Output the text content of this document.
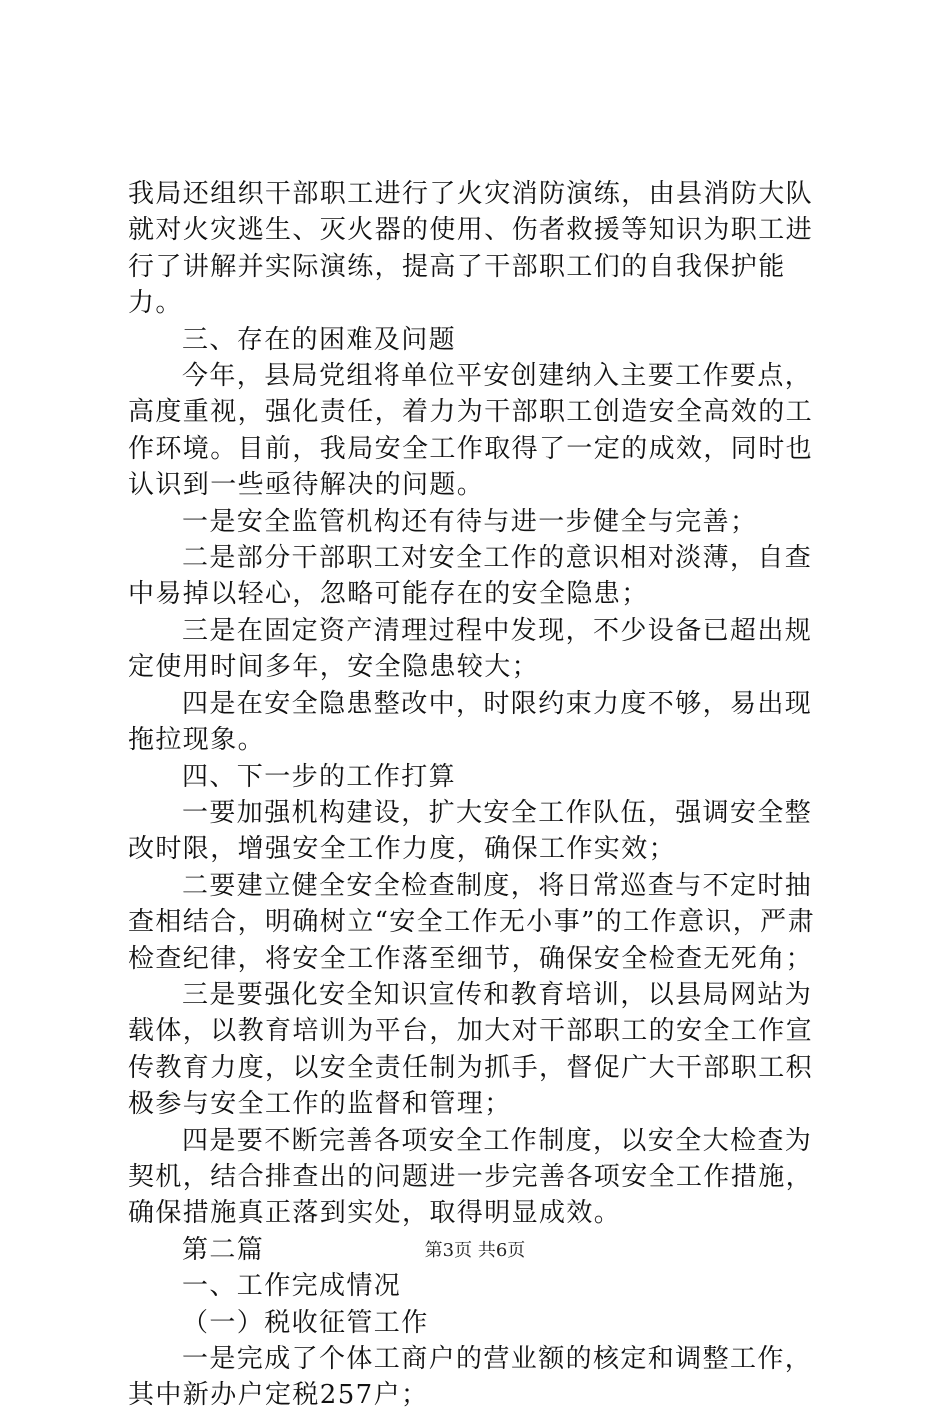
我局还组织干部职工进行了火灾消防演练，由县消防大队就对火灾逃生、灭火器的使用、伤者救援等知识为职工进行了讲解并实际演练，提高了干部职工们的自我保护能力。

三、存在的困难及问题

今年，县局党组将单位平安创建纳入主要工作要点，高度重视，强化责任，着力为干部职工创造安全高效的工作环境。目前，我局安全工作取得了一定的成效，同时也认识到一些亟待解决的问题。

一是安全监管机构还有待与进一步健全与完善；

二是部分干部职工对安全工作的意识相对淡薄，自查中易掉以轻心，忽略可能存在的安全隐患；

三是在固定资产清理过程中发现，不少设备已超出规定使用时间多年，安全隐患较大；

四是在安全隐患整改中，时限约束力度不够，易出现拖拉现象。

四、下一步的工作打算

一要加强机构建设，扩大安全工作队伍，强调安全整改时限，增强安全工作力度，确保工作实效；

二要建立健全安全检查制度，将日常巡查与不定时抽查相结合，明确树立“安全工作无小事”的工作意识，严肃检查纪律，将安全工作落至细节，确保安全检查无死角；

三是要强化安全知识宣传和教育培训，以县局网站为载体，以教育培训为平台，加大对干部职工的安全工作宣传教育力度，以安全责任制为抓手，督促广大干部职工积极参与安全工作的监督和管理；

四是要不断完善各项安全工作制度，以安全大检查为契机，结合排查出的问题进一步完善各项安全工作措施，确保措施真正落到实处，取得明显成效。

第二篇

一、工作完成情况

（一）税收征管工作

一是完成了个体工商户的营业额的核定和调整工作，其中新办户定税257户；

第3页 共6页
